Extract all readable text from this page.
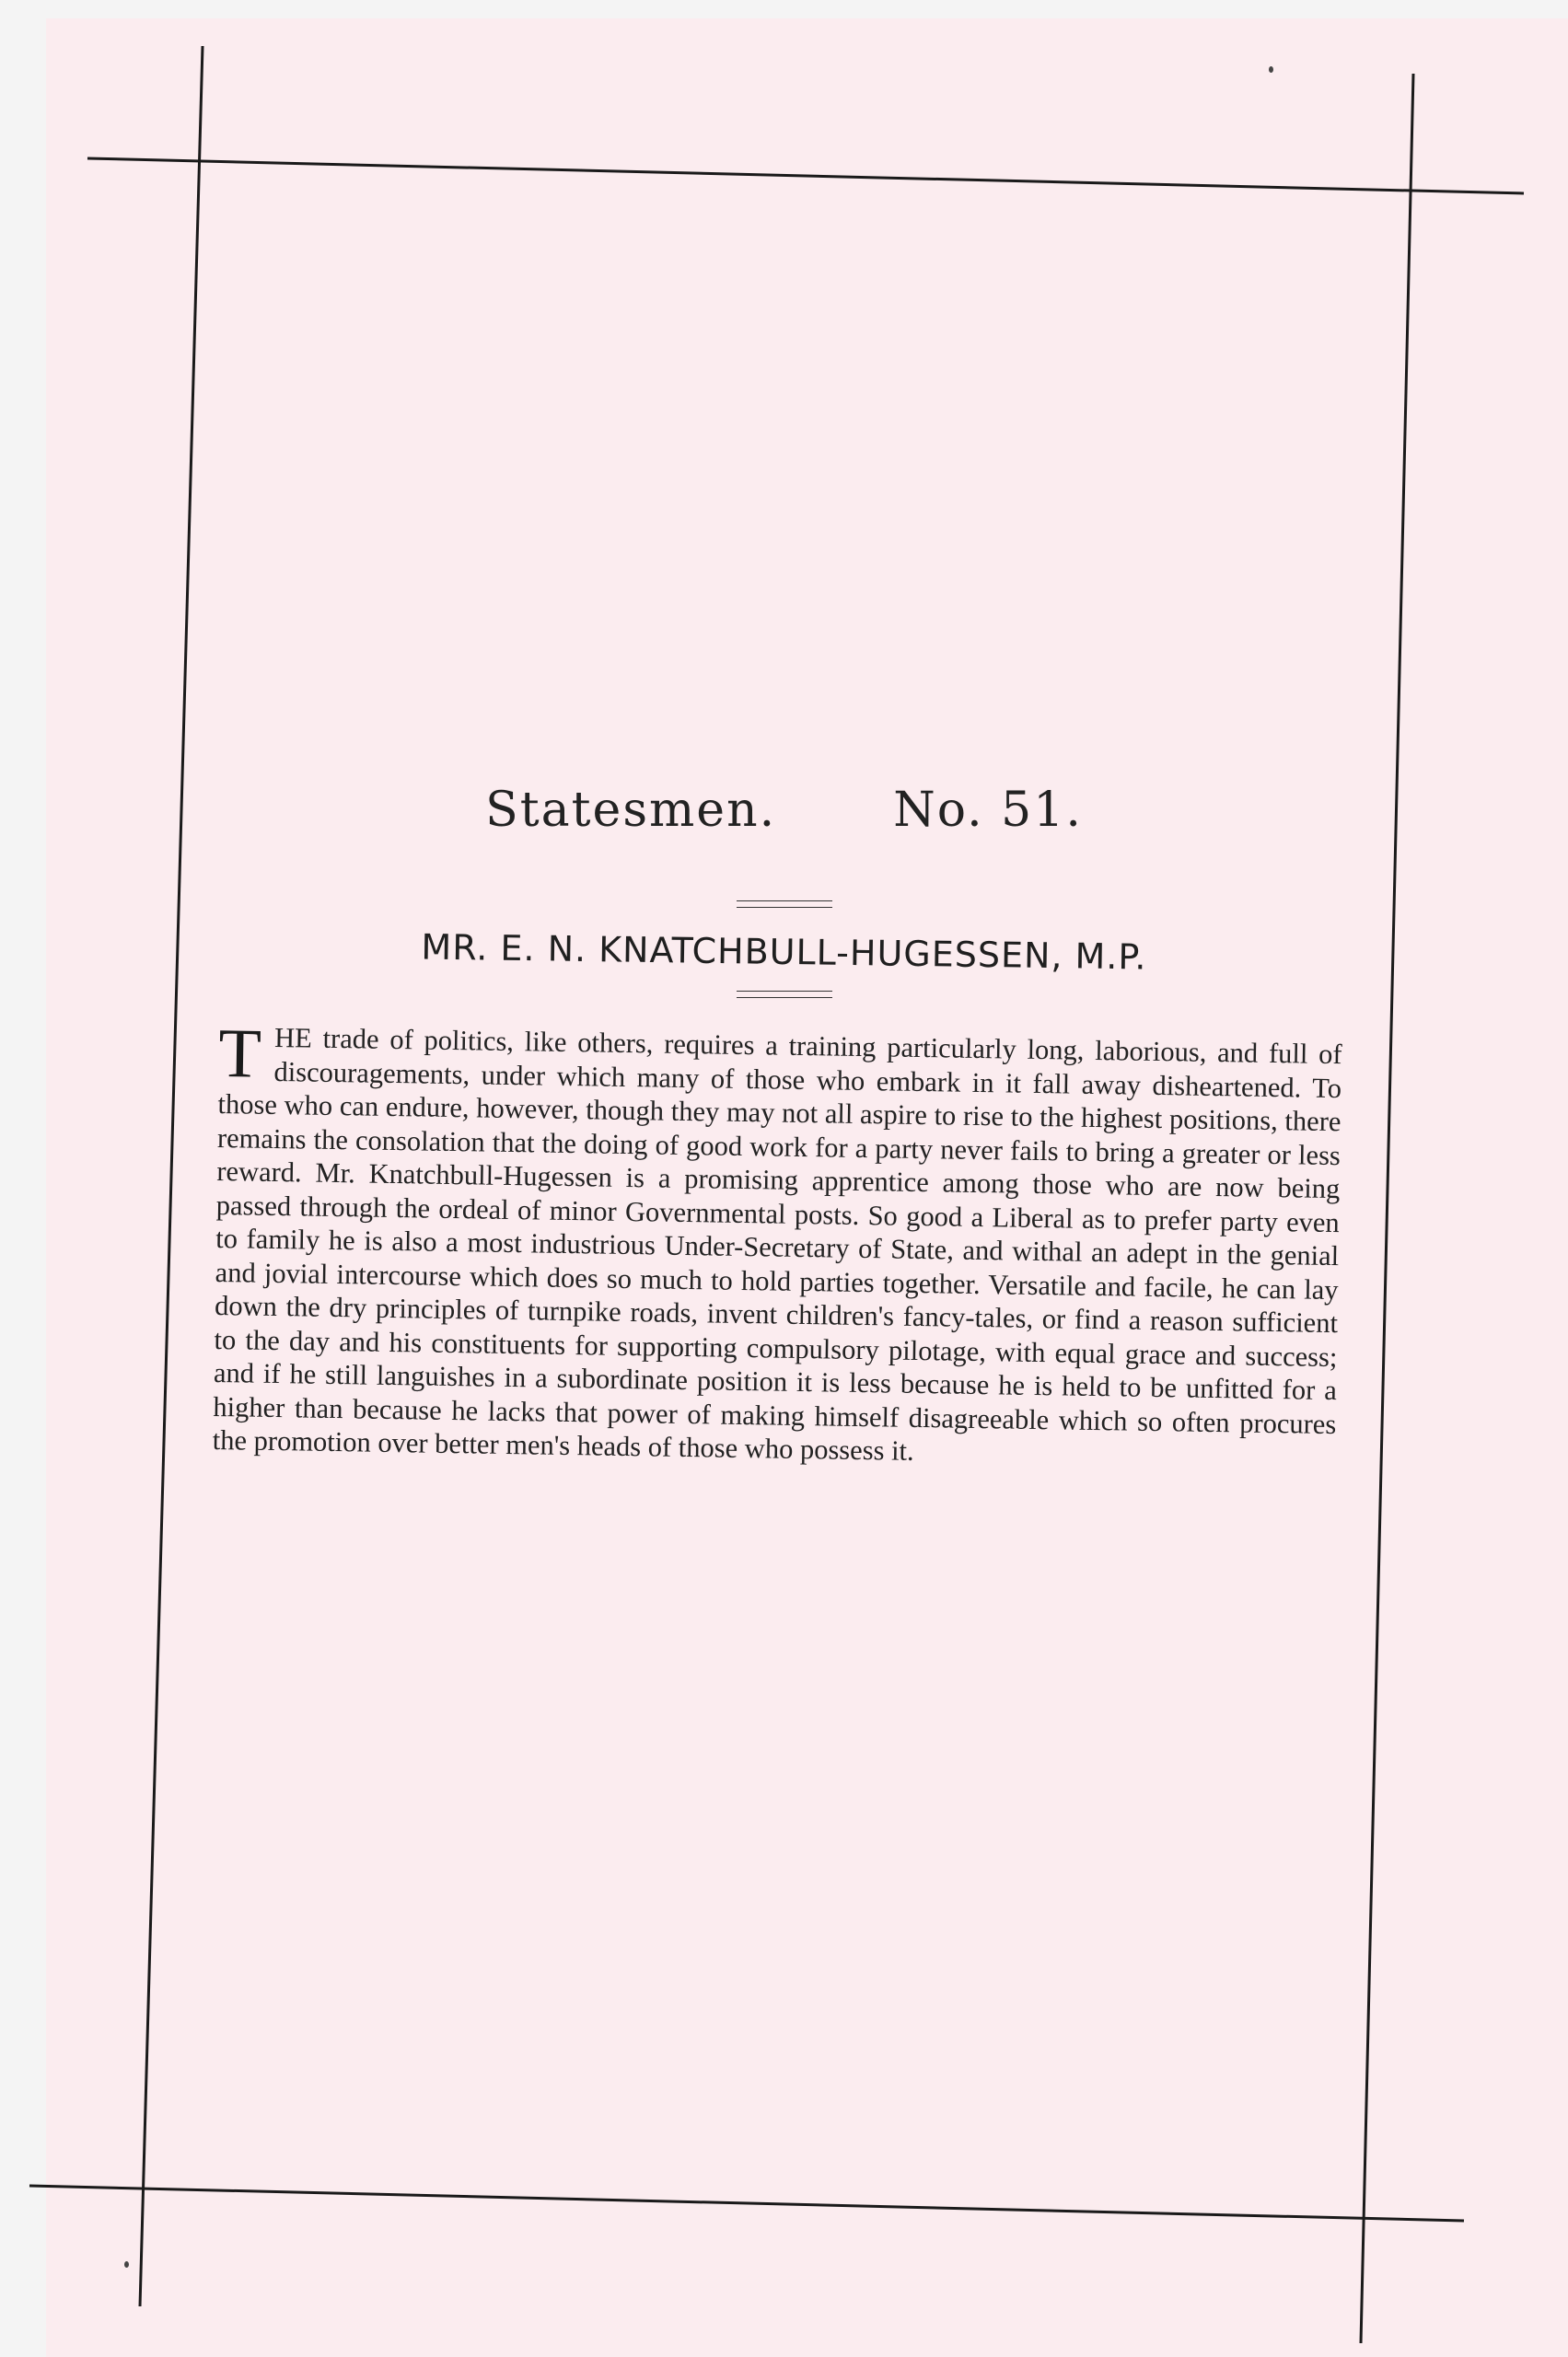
Statesmen. No. 51.
MR. E. N. KNATCHBULL-HUGESSEN, M.P.
THE trade of politics, like others, requires a training particularly long, laborious, and full of discouragements, under which many of those who embark in it fall away disheartened. To those who can endure, however, though they may not all aspire to rise to the highest positions, there remains the consolation that the doing of good work for a party never fails to bring a greater or less reward. Mr. Knatchbull-Hugessen is a promising apprentice among those who are now being passed through the ordeal of minor Governmental posts. So good a Liberal as to prefer party even to family he is also a most industrious Under-Secretary of State, and withal an adept in the genial and jovial intercourse which does so much to hold parties together. Versatile and facile, he can lay down the dry principles of turnpike roads, invent children's fancy-tales, or find a reason sufficient to the day and his constituents for supporting compulsory pilotage, with equal grace and success; and if he still languishes in a subordinate position it is less because he is held to be unfitted for a higher than because he lacks that power of making himself disagreeable which so often procures the promotion over better men's heads of those who possess it.
